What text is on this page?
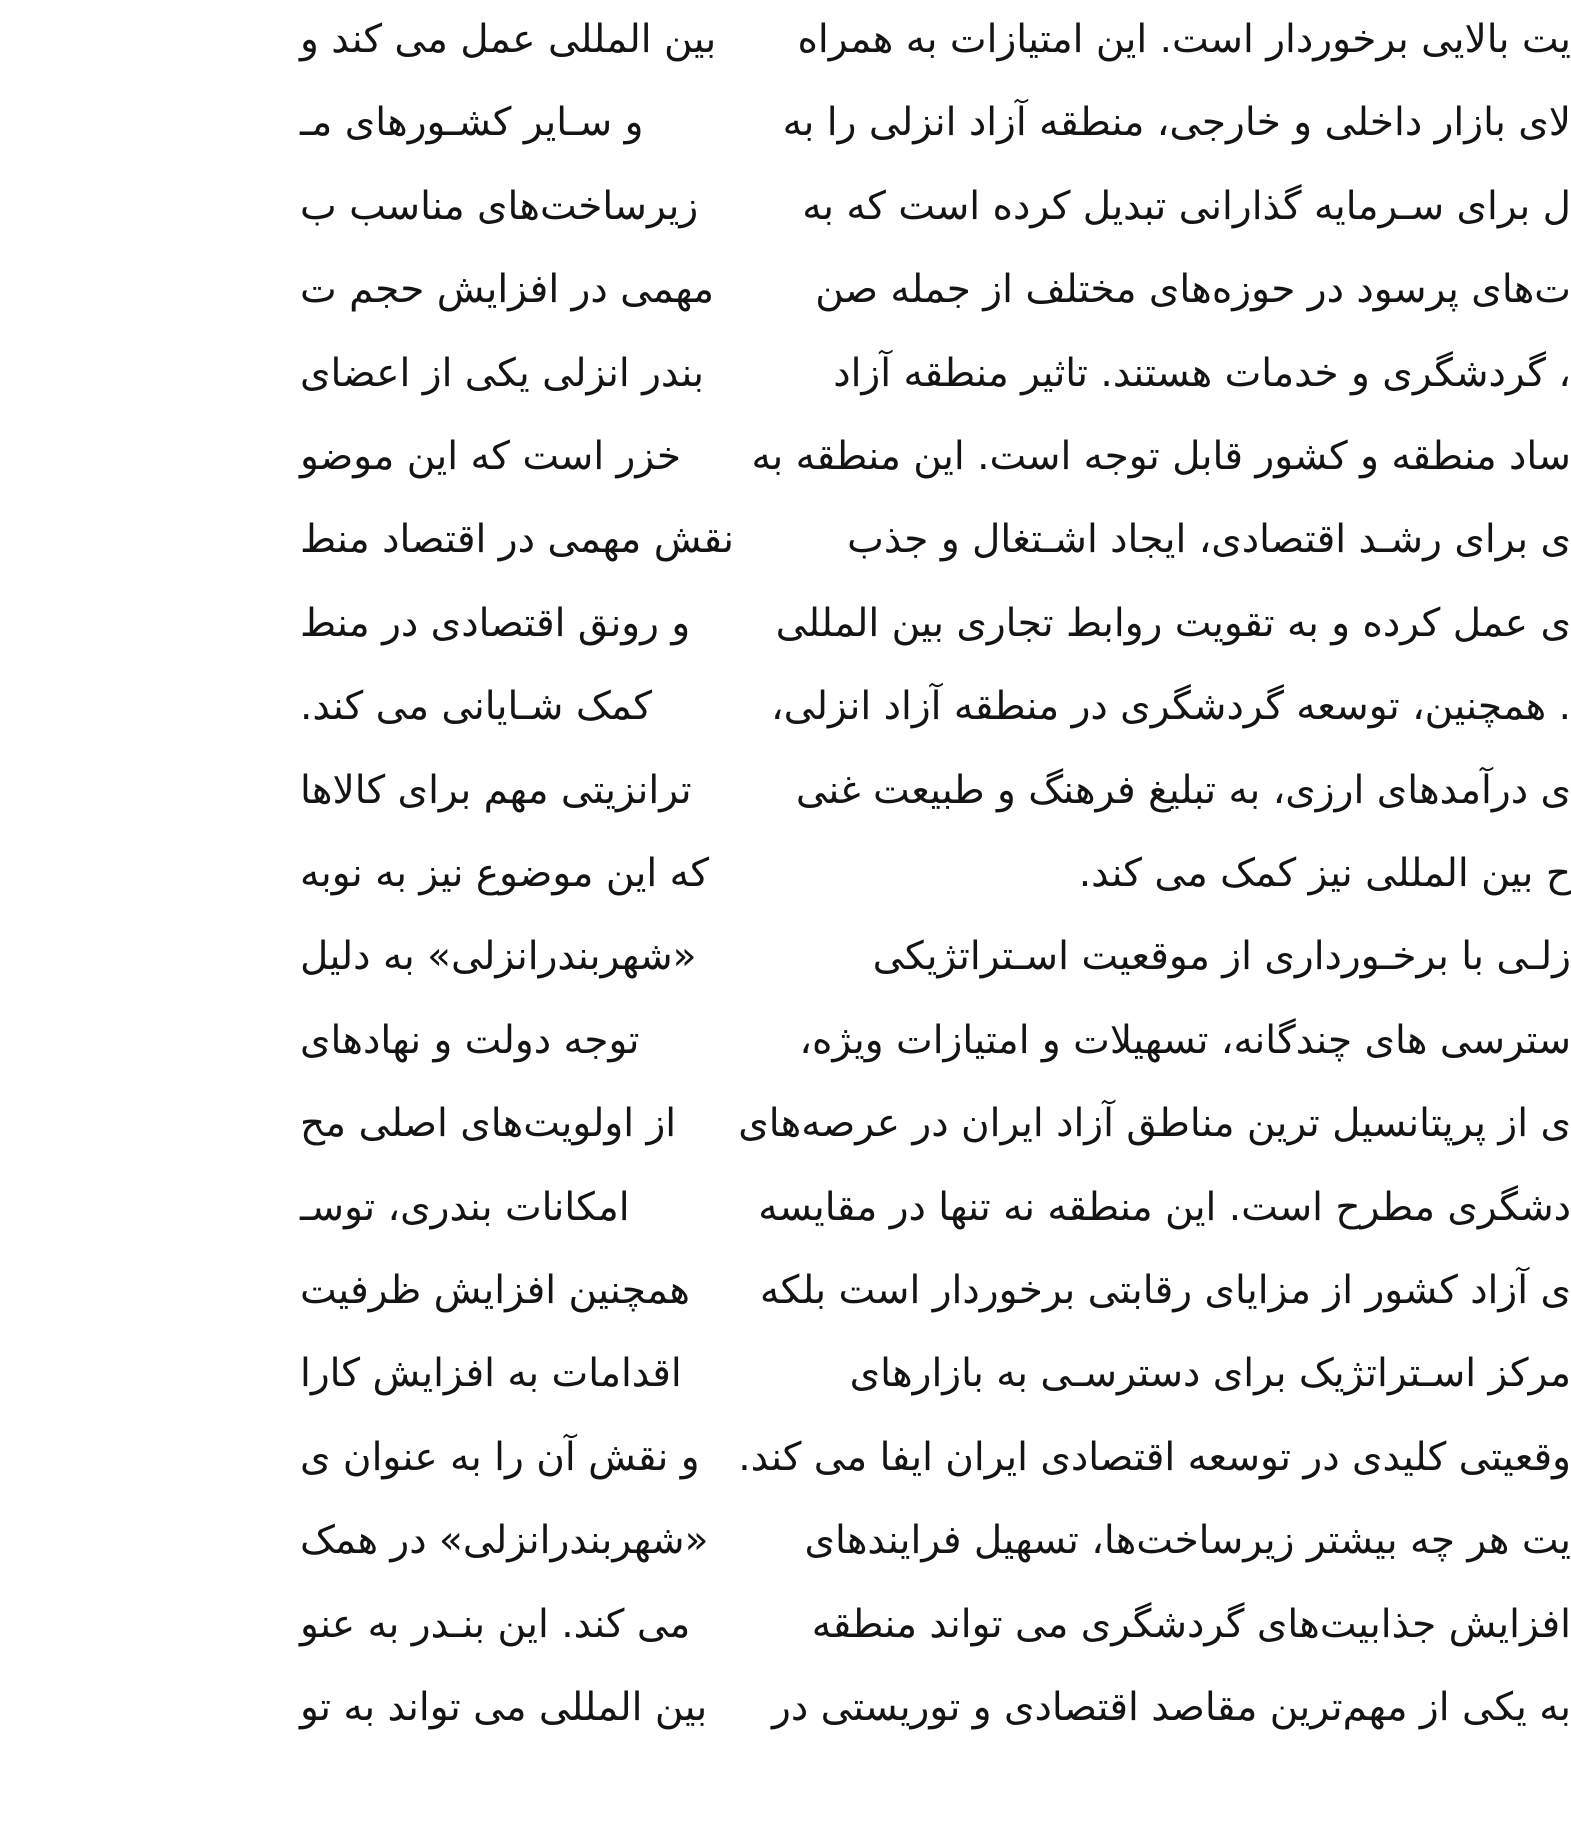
بین المللی عمل می کند و
و سـایر کشـورهای مـ
زیرساخت‌های مناسب ب
مهمی در افزایش حجم ت
بندر انزلی یکی از اعضای
خزر است که این موضو
نقش مهمی در اقتصاد منط
و رونق اقتصادی در منط
کمک شـایانی می کند.
ترانزیتی مهم برای کالاها
که این موضوع نیز به نوبه
«شهربندرانزلی» به دلیل
توجه دولت و نهادهای
از اولویت‌های اصلی مح
امکانات بندری، توسـ
همچنین افزایش ظرفیت
اقدامات به افزایش کارا
و نقش آن را به عنوان ی
«شهربندرانزلی» در همک
می کند. این بنـدر به عنو
بین المللی می تواند به تو
یت بالایی برخوردار است. این امتیازات به همراه
لای بازار داخلی و خارجی، منطقه آزاد انزلی را به
ل برای سـرمایه گذارانی تبدیل کرده است که به
ت‌های پرسود در حوزه‌های مختلف از جمله صن
، گردشگری و خدمات هستند. تاثیر منطقه آزاد
ساد منطقه و کشور قابل توجه است. این منطقه به
ی برای رشـد اقتصادی، ایجاد اشـتغال و جذب
ی عمل کرده و به تقویت روابط تجاری بین المللی
. همچنین، توسعه گردشگری در منطقه آزاد انزلی،
ی درآمدهای ارزی، به تبلیغ فرهنگ و طبیعت غنی
ح بین المللی نیز کمک می کند.
زلـی با برخـورداری از موقعیت اسـتراتژیکی
سترسی های چندگانه، تسهیلات و امتیازات ویژه،
ی از پرپتانسیل ترین مناطق آزاد ایران در عرصه‌های
دشگری مطرح است. این منطقه نه تنها در مقایسه
ی آزاد کشور از مزایای رقابتی برخوردار است بلکه
مرکز اسـتراتژیک برای دسترسـی به بازارهای
وقعیتی کلیدی در توسعه اقتصادی ایران ایفا می کند.
یت هر چه بیشتر زیرساخت‌ها، تسهیل فرایندهای
افزایش جذابیت‌های گردشگری می تواند منطقه
به یکی از مهم‌ترین مقاصد اقتصادی و توریستی در
